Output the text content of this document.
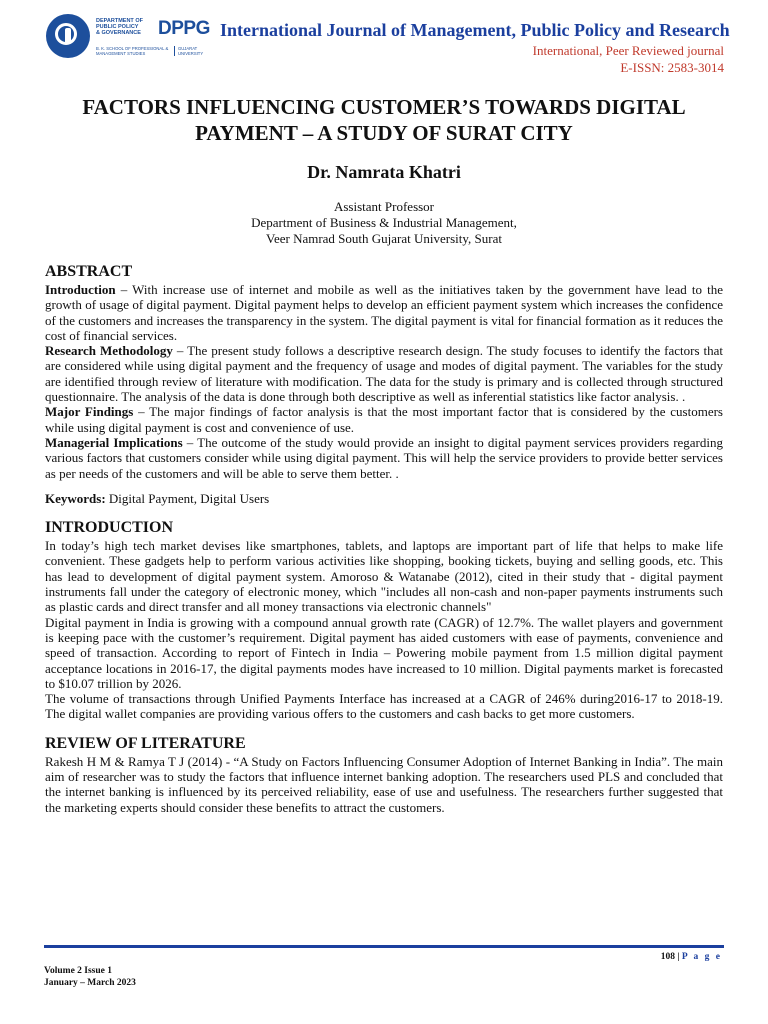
DEPARTMENT OF
PUBLIC POLICY
& GOVERNANCE DPPG
B. K. SCHOOL OF PROFESSIONAL & MANAGEMENT STUDIES
GUJARAT UNIVERSITY
International Journal of Management, Public Policy and Research
International, Peer Reviewed journal
E-ISSN: 2583-3014
FACTORS INFLUENCING CUSTOMER’S TOWARDS DIGITAL PAYMENT – A STUDY OF SURAT CITY
Dr. Namrata Khatri
Assistant Professor
Department of Business & Industrial Management,
Veer Namrad South Gujarat University, Surat
ABSTRACT

Introduction – With increase use of internet and mobile as well as the initiatives taken by the government have lead to the growth of usage of digital payment. Digital payment helps to develop an efficient payment system which increases the confidence of the customers and increases the transparency in the system. The digital payment is vital for financial formation as it reduces the cost of financial services.

Research Methodology – The present study follows a descriptive research design. The study focuses to identify the factors that are considered while using digital payment and the frequency of usage and modes of digital payment. The variables for the study are identified through review of literature with modification. The data for the study is primary and is collected through structured questionnaire. The analysis of the data is done through both descriptive as well as inferential statistics like factor analysis. .

Major Findings – The major findings of factor analysis is that the most important factor that is considered by the customers while using digital payment is cost and convenience of use.

Managerial Implications – The outcome of the study would provide an insight to digital payment services providers regarding various factors that customers consider while using digital payment. This will help the service providers to provide better services as per needs of the customers and will be able to serve them better. .

Keywords: Digital Payment, Digital Users

INTRODUCTION

In today’s high tech market devises like smartphones, tablets, and laptops are important part of life that helps to make life convenient. These gadgets help to perform various activities like shopping, booking tickets, buying and selling goods, etc. This has lead to development of digital payment system. Amoroso & Watanabe (2012), cited in their study that - digital payment instruments fall under the category of electronic money, which "includes all non-cash and non-paper payments instruments such as plastic cards and direct transfer and all money transactions via electronic channels"

Digital payment in India is growing with a compound annual growth rate (CAGR) of 12.7%. The wallet players and government is keeping pace with the customer’s requirement. Digital payment has aided customers with ease of payments, convenience and speed of transaction. According to report of Fintech in India – Powering mobile payment from 1.5 million digital payment acceptance locations in 2016-17, the digital payments modes have increased to 10 million. Digital payments market is forecasted to $10.07 trillion by 2026.

The volume of transactions through Unified Payments Interface has increased at a CAGR of 246% during2016-17 to 2018-19. The digital wallet companies are providing various offers to the customers and cash backs to get more customers.

REVIEW OF LITERATURE

Rakesh H M & Ramya T J (2014) - “A Study on Factors Influencing Consumer Adoption of Internet Banking in India”. The main aim of researcher was to study the factors that influence internet banking adoption. The researchers used PLS and concluded that the internet banking is influenced by its perceived reliability, ease of use and usefulness. The researchers further suggested that the marketing experts should consider these benefits to attract the customers.

108 | P a g e
Volume 2 Issue 1
January – March 2023
